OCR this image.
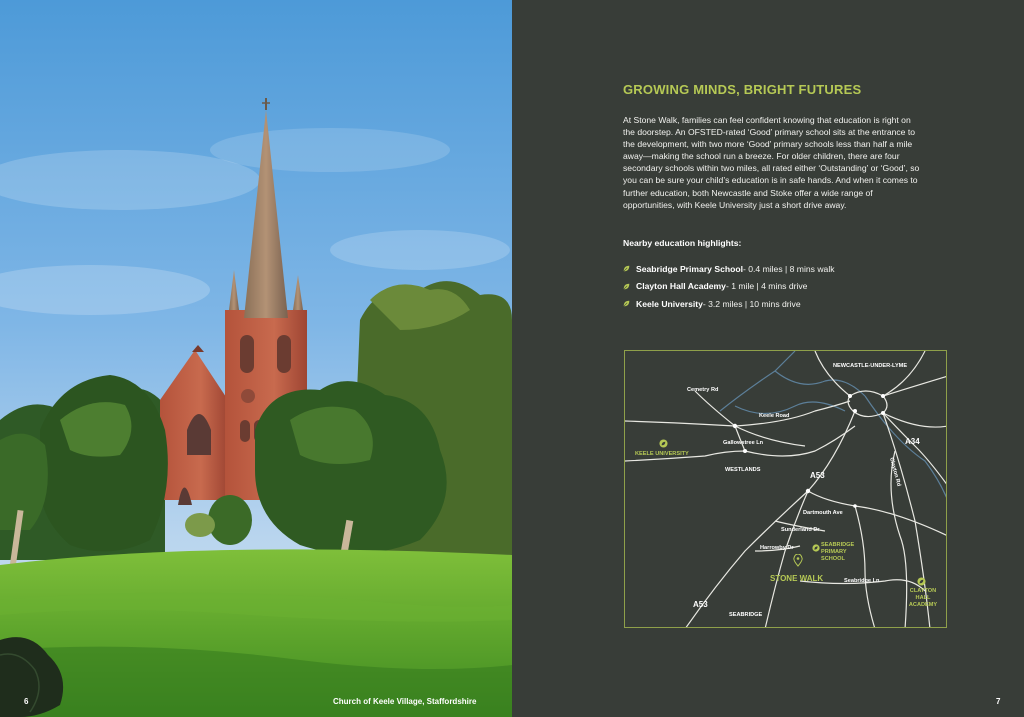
6	Church of Keele Village, Staffordshire
GROWING MINDS, BRIGHT FUTURES

At Stone Walk, families can feel confident knowing that education is right on the doorstep. An OFSTED-rated ‘Good’ primary school sits at the entrance to the development, with two more ‘Good’ primary schools less than half a mile away—making the school run a breeze. For older children, there are four secondary schools within two miles, all rated either ‘Outstanding’ or ‘Good’, so you can be sure your child’s education is in safe hands. And when it comes to further education, both Newcastle and Stoke offer a wide range of opportunities, with Keele University just a short drive away.

Nearby education highlights:
Seabridge Primary School - 0.4 miles | 8 mins walk
Clayton Hall Academy - 1 mile | 4 mins drive
Keele University - 3.2 miles | 10 mins drive
NEWCASTLE-UNDER-LYME
Cemetry Rd
Keele Road
Gallowstree Ln
KEELE UNIVERSITY
A34
WESTLANDS
A53	Clayton Rd
Dartmouth Ave
Sunderland Dr
Harrowby Dr	SEABRIDGE PRIMARY SCHOOL
STONE WALK	Seabridge Ln
CLAYTON HALL ACADEMY
A53
SEABRIDGE
7
